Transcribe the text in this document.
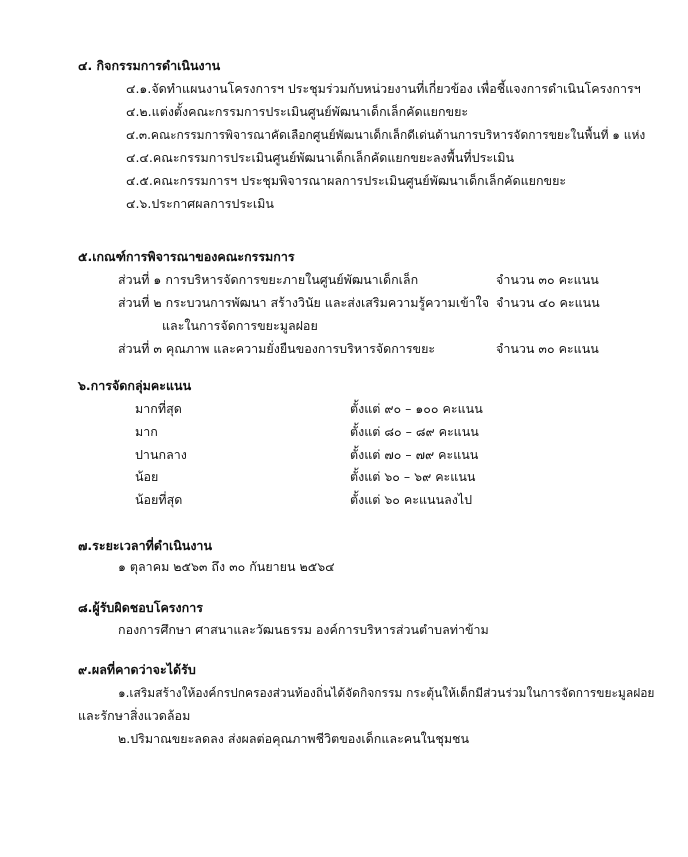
๔. กิจกรรมการดำเนินงาน
๔.๑.จัดทำแผนงานโครงการฯ ประชุมร่วมกับหน่วยงานที่เกี่ยวข้อง เพื่อชี้แจงการดำเนินโครงการฯ
๔.๒.แต่งตั้งคณะกรรมการประเมินศูนย์พัฒนาเด็กเล็กคัดแยกขยะ
๔.๓.คณะกรรมการพิจารณาคัดเลือกศูนย์พัฒนาเด็กเล็กดีเด่นด้านการบริหารจัดการขยะในพื้นที่ ๑ แห่ง
๔.๔.คณะกรรมการประเมินศูนย์พัฒนาเด็กเล็กคัดแยกขยะลงพื้นที่ประเมิน
๔.๕.คณะกรรมการฯ ประชุมพิจารณาผลการประเมินศูนย์พัฒนาเด็กเล็กคัดแยกขยะ
๔.๖.ประกาศผลการประเมิน
๕.เกณฑ์การพิจารณาของคณะกรรมการ
ส่วนที่ ๑ การบริหารจัดการขยะภายในศูนย์พัฒนาเด็กเล็ก	จำนวน ๓๐ คะแนน
ส่วนที่ ๒ กระบวนการพัฒนา สร้างวินัย และส่งเสริมความรู้ความเข้าใจ จำนวน ๔๐ คะแนน
และในการจัดการขยะมูลฝอย
ส่วนที่ ๓ คุณภาพ และความยั่งยืนของการบริหารจัดการขยะ	จำนวน ๓๐ คะแนน
๖.การจัดกลุ่มคะแนน
มากที่สุด	ตั้งแต่ ๙๐ – ๑๐๐ คะแนน
มาก	ตั้งแต่ ๘๐ – ๘๙ คะแนน
ปานกลาง	ตั้งแต่ ๗๐ – ๗๙ คะแนน
น้อย	ตั้งแต่ ๖๐ – ๖๙ คะแนน
น้อยที่สุด	ตั้งแต่ ๖๐ คะแนนลงไป
๗.ระยะเวลาที่ดำเนินงาน
๑ ตุลาคม ๒๕๖๓ ถึง ๓๐ กันยายน ๒๕๖๔
๘.ผู้รับผิดชอบโครงการ
กองการศึกษา ศาสนาและวัฒนธรรม องค์การบริหารส่วนตำบลท่าข้าม
๙.ผลที่คาดว่าจะได้รับ
๑.เสริมสร้างให้องค์กรปกครองส่วนท้องถิ่นได้จัดกิจกรรม กระตุ้นให้เด็กมีส่วนร่วมในการจัดการขยะมูลฝอย
และรักษาสิ่งแวดล้อม
๒.ปริมาณขยะลดลง ส่งผลต่อคุณภาพชีวิตของเด็กและคนในชุมชน
